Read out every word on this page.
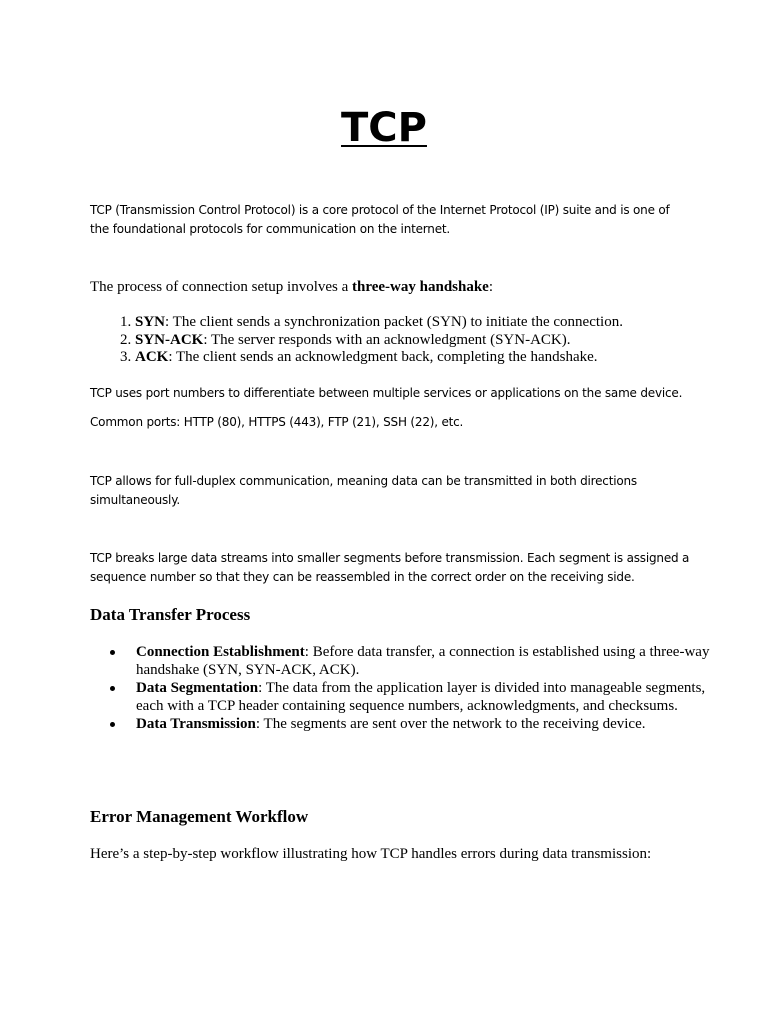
TCP
TCP (Transmission Control Protocol) is a core protocol of the Internet Protocol (IP) suite and is one of the foundational protocols for communication on the internet.
The process of connection setup involves a three-way handshake:
1. SYN: The client sends a synchronization packet (SYN) to initiate the connection.
2. SYN-ACK: The server responds with an acknowledgment (SYN-ACK).
3. ACK: The client sends an acknowledgment back, completing the handshake.
TCP uses port numbers to differentiate between multiple services or applications on the same device.
Common ports: HTTP (80), HTTPS (443), FTP (21), SSH (22), etc.
TCP allows for full-duplex communication, meaning data can be transmitted in both directions simultaneously.
TCP breaks large data streams into smaller segments before transmission. Each segment is assigned a sequence number so that they can be reassembled in the correct order on the receiving side.
Data Transfer Process
Connection Establishment: Before data transfer, a connection is established using a three-way handshake (SYN, SYN-ACK, ACK).
Data Segmentation: The data from the application layer is divided into manageable segments, each with a TCP header containing sequence numbers, acknowledgments, and checksums.
Data Transmission: The segments are sent over the network to the receiving device.
Error Management Workflow
Here’s a step-by-step workflow illustrating how TCP handles errors during data transmission:
